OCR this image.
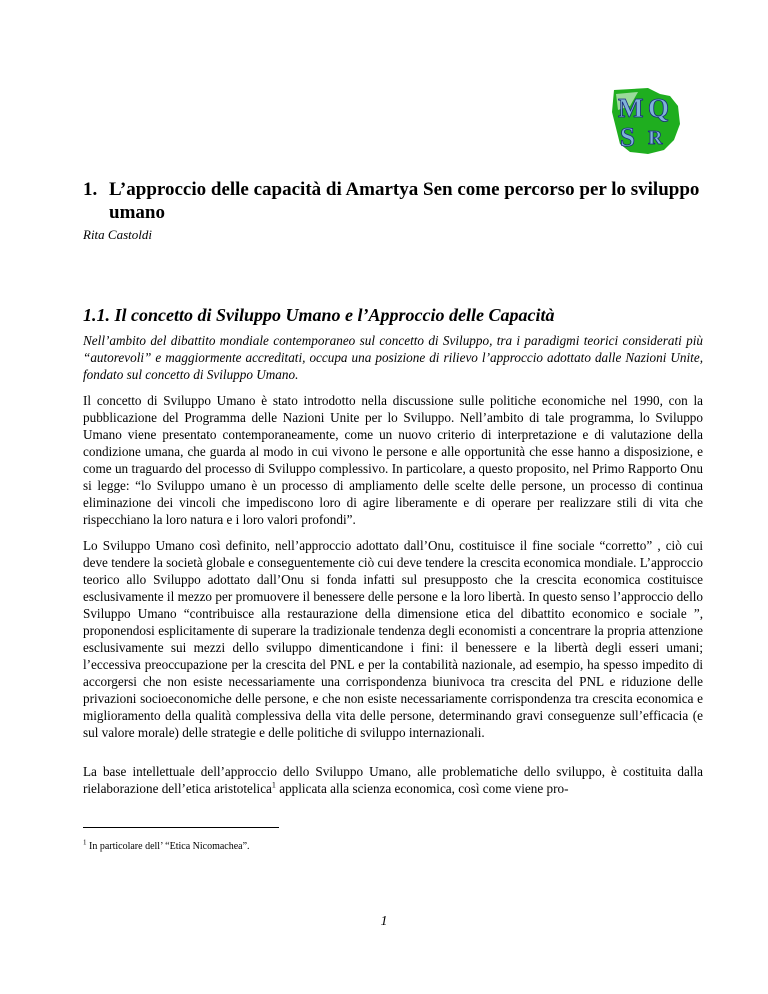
M Q
S R
1. L’approccio delle capacità di Amartya Sen come percorso per lo sviluppo umano
Rita Castoldi
1.1. Il concetto di Sviluppo Umano e l’Approccio delle Capacità

Nell’ambito del dibattito mondiale contemporaneo sul concetto di Sviluppo, tra i paradigmi teorici considerati più “autorevoli” e maggiormente accreditati, occupa una posizione di rilievo l’approccio adottato dalle Nazioni Unite, fondato sul concetto di Sviluppo Umano.

Il concetto di Sviluppo Umano è stato introdotto nella discussione sulle politiche economiche nel 1990, con la pubblicazione del Programma delle Nazioni Unite per lo Sviluppo. Nell’ambito di tale programma, lo Sviluppo Umano viene presentato contemporaneamente, come un nuovo criterio di interpretazione e di valutazione della condizione umana, che guarda al modo in cui vivono le persone e alle opportunità che esse hanno a disposizione, e come un traguardo del processo di Sviluppo complessivo. In particolare, a questo proposito, nel Primo Rapporto Onu si legge: “lo Sviluppo umano è un processo di ampliamento delle scelte delle persone, un processo di continua eliminazione dei vincoli che impediscono loro di agire liberamente e di operare per realizzare stili di vita che rispecchiano la loro natura e i loro valori profondi”.

Lo Sviluppo Umano così definito, nell’approccio adottato dall’Onu, costituisce il fine sociale “corretto” , ciò cui deve tendere la società globale e conseguentemente ciò cui deve tendere la crescita economica mondiale. L’approccio teorico allo Sviluppo adottato dall’Onu si fonda infatti sul presupposto che la crescita economica costituisce esclusivamente il mezzo per promuovere il benessere delle persone e la loro libertà. In questo senso l’approccio dello Sviluppo Umano “contribuisce alla restaurazione della dimensione etica del dibattito economico e sociale ”, proponendosi esplicitamente di superare la tradizionale tendenza degli economisti a concentrare la propria attenzione esclusivamente sui mezzi dello sviluppo dimenticandone i fini: il benessere e la libertà degli esseri umani; l’eccessiva preoccupazione per la crescita del PNL e per la contabilità nazionale, ad esempio, ha spesso impedito di accorgersi che non esiste necessariamente una corrispondenza biunivoca tra crescita del PNL e riduzione delle privazioni socioeconomiche delle persone, e che non esiste necessariamente corrispondenza tra crescita economica e miglioramento della qualità complessiva della vita delle persone, determinando gravi conseguenze sull’efficacia (e sul valore morale) delle strategie e delle politiche di sviluppo internazionali.

La base intellettuale dell’approccio dello Sviluppo Umano, alle problematiche dello sviluppo, è costituita dalla rielaborazione dell’etica aristotelica$^1$ applicata alla scienza economica, così come viene pro-

$^1$ In particolare dell’ “Etica Nicomachea”.
1
